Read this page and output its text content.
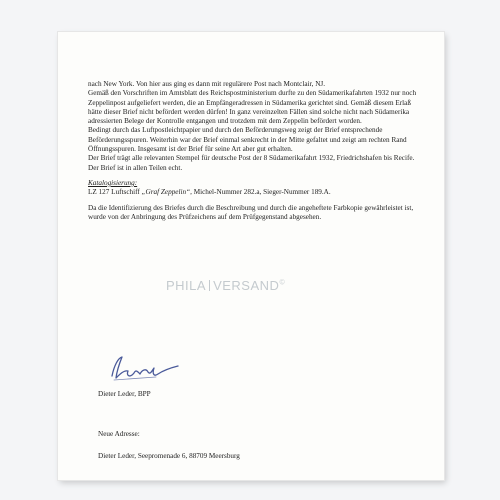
nach New York. Von hier aus ging es dann mit regulärere Post nach Montclair, NJ.

Gemäß den Vorschriften im Amtsblatt des Reichspostministerium durfte zu den Südamerikafahrten 1932 nur noch Zeppelinpost aufgeliefert werden, die an Empfängeradressen in Südamerika gerichtet sind. Gemäß diesem Erlaß hätte dieser Brief nicht befördert werden dürfen! In ganz vereinzelten Fällen sind solche nicht nach Südamerika adressierten Belege der Kontrolle entgangen und trotzdem mit dem Zeppelin befördert worden.

Bedingt durch das Luftpostleichtpapier und durch den Beförderungsweg zeigt der Brief entsprechende Beförderungsspuren. Weiterhin war der Brief einmal senkrecht in der Mitte gefaltet und zeigt am rechten Rand Öffnungsspuren. Insgesamt ist der Brief für seine Art aber gut erhalten.

Der Brief trägt alle relevanten Stempel für deutsche Post der 8 Südamerikafahrt 1932, Friedrichshafen bis Recife.

Der Brief ist in allen Teilen echt.

Katalogisierung:

LZ 127 Luftschiff „Graf Zeppelin“, Michel-Nummer 282.a, Sieger-Nummer 189.A.

Da die Identifizierung des Briefes durch die Beschreibung und durch die angeheftete Farbkopie gewährleistet ist, wurde von der Anbringung des Prüfzeichens auf dem Prüfgegenstand abgesehen.

PHILA VERSAND©
Dieter Leder, BPP
Neue Adresse:
Dieter Leder, Seepromenade 6, 88709 Meersburg
